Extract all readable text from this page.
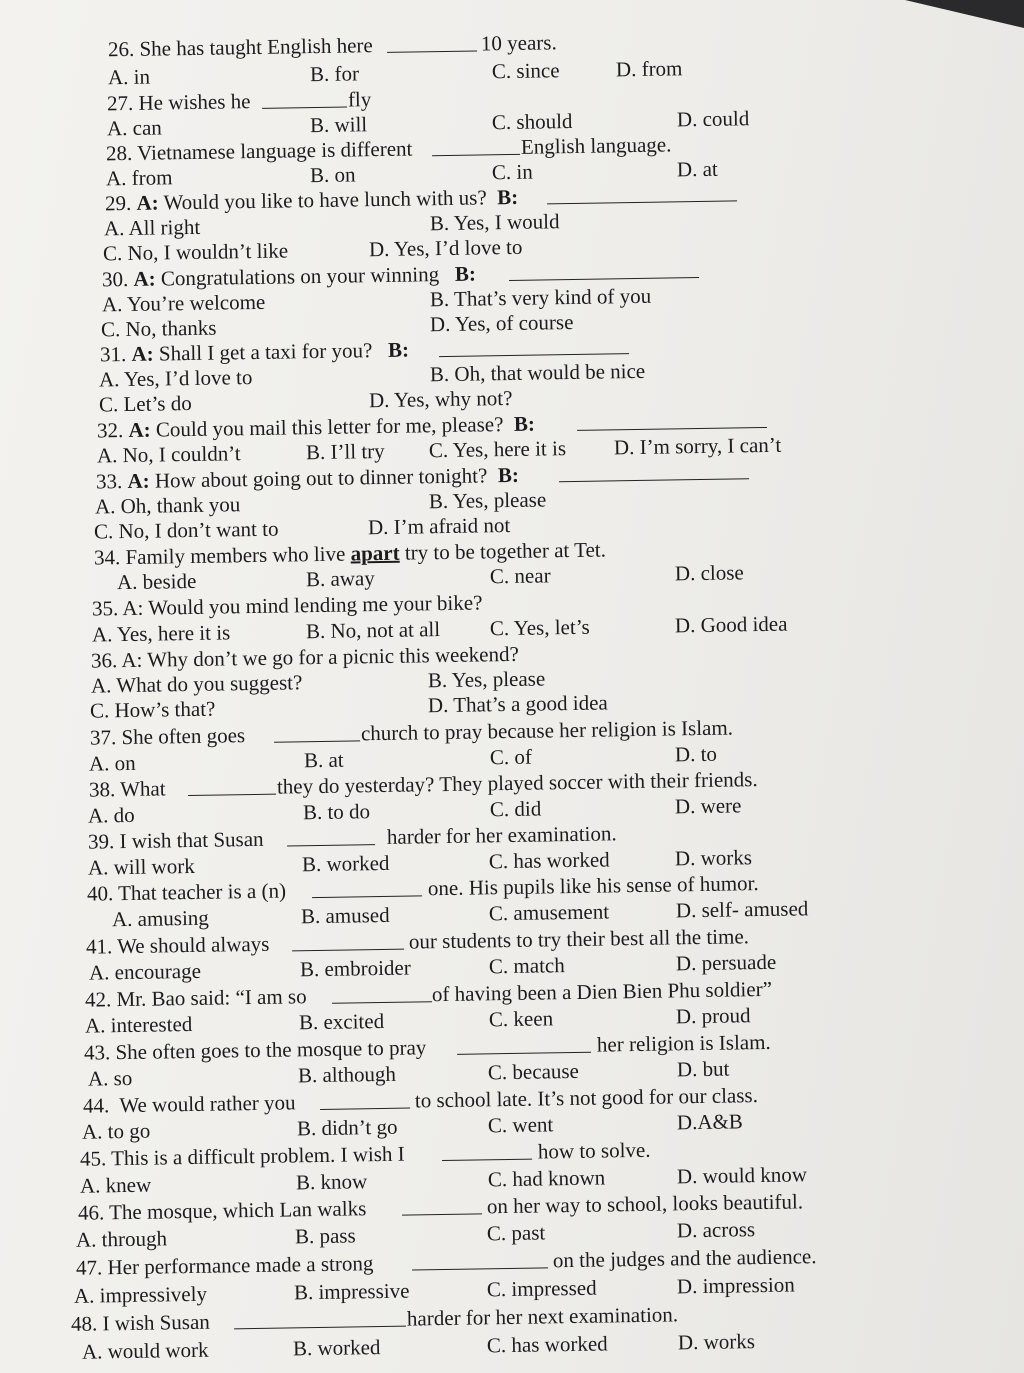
26. She has taught English here	10 years.
A. in	B. for	C. since	D. from
27. He wishes he	fly
A. can	B. will	C. should	D. could
28. Vietnamese language is different	English language.
A. from	B. on	C. in	D. at
29. A: Would you like to have lunch with us? B:
A. All right	B. Yes, I would
C. No, I wouldn’t like	D. Yes, I’d love to
30. A: Congratulations on your winning B:
A. You’re welcome	B. That’s very kind of you
C. No, thanks	D. Yes, of course
31. A: Shall I get a taxi for you? B:
A. Yes, I’d love to	B. Oh, that would be nice
C. Let’s do	D. Yes, why not?
32. A: Could you mail this letter for me, please? B:
A. No, I couldn’t	B. I’ll try C. Yes, here it is D. I’m sorry, I can’t
33. A: How about going out to dinner tonight? B:
A. Oh, thank you	B. Yes, please
C. No, I don’t want to	D. I’m afraid not
34. Family members who live apart try to be together at Tet.
A. beside	B. away	C. near	D. close
35. A: Would you mind lending me your bike?
A. Yes, here it is	B. No, not at all C. Yes, let’s	D. Good idea
36. A: Why don’t we go for a picnic this weekend?
A. What do you suggest?	B. Yes, please
C. How’s that?	D. That’s a good idea
37. She often goes	church to pray because her religion is Islam.
A. on	B. at	C. of	D. to
38. What	they do yesterday? They played soccer with their friends.
A. do	B. to do	C. did	D. were
39. I wish that Susan	harder for her examination.
A. will work	B. worked	C. has worked	D. works
40. That teacher is a (n)	one. His pupils like his sense of humor.
A. amusing	B. amused	C. amusement	D. self- amused
41. We should always	our students to try their best all the time.
A. encourage	B. embroider	C. match	D. persuade
42. Mr. Bao said: “I am so	of having been a Dien Bien Phu soldier”
A. interested	B. excited	C. keen	D. proud
43. She often goes to the mosque to pray	her religion is Islam.
A. so	B. although	C. because	D. but
44. We would rather you	to school late. It’s not good for our class.
A. to go	B. didn’t go	C. went	D.A&B
45. This is a difficult problem. I wish I	how to solve.
A. knew	B. know	C. had known	D. would know
46. The mosque, which Lan walks	on her way to school, looks beautiful.
A. through	B. pass	C. past	D. across
47. Her performance made a strong	on the judges and the audience.
A. impressively	B. impressive	C. impressed	D. impression
48. I wish Susan	harder for her next examination.
A. would work	B. worked	C. has worked	D. works
